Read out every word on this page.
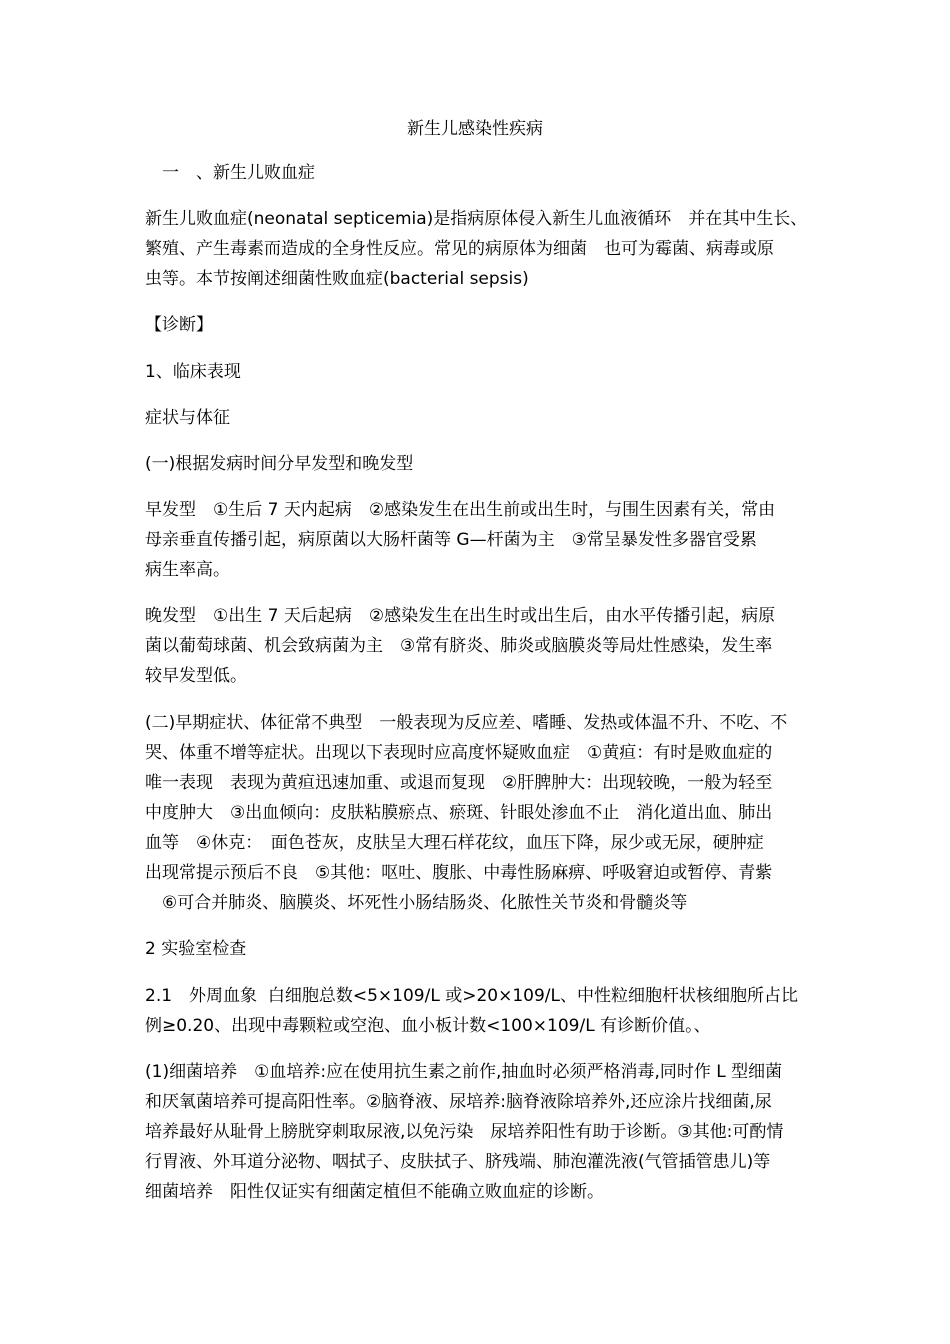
新生儿感染性疾病
一　、新生儿败血症
新生儿败血症(neonatal septicemia)是指病原体侵入新生儿血液循环　并在其中生长、
繁殖、产生毒素而造成的全身性反应。常见的病原体为细菌　也可为霉菌、病毒或原
虫等。本节按阐述细菌性败血症(bacterial sepsis)
【诊断】
1、临床表现
症状与体征
(一)根据发病时间分早发型和晚发型
早发型　①生后 7 天内起病　②感染发生在出生前或出生时，与围生因素有关，常由
母亲垂直传播引起，病原菌以大肠杆菌等 G—杆菌为主　③常呈暴发性多器官受累
病生率高。
晚发型　①出生 7 天后起病　②感染发生在出生时或出生后，由水平传播引起，病原
菌以葡萄球菌、机会致病菌为主　③常有脐炎、肺炎或脑膜炎等局灶性感染，发生率
较早发型低。
(二)早期症状、体征常不典型　一般表现为反应差、嗜睡、发热或体温不升、不吃、不
哭、体重不增等症状。出现以下表现时应高度怀疑败血症　①黄疸：有时是败血症的
唯一表现　表现为黄疸迅速加重、或退而复现　②肝脾肿大：出现较晚，一般为轻至
中度肿大　③出血倾向：皮肤粘膜瘀点、瘀斑、针眼处渗血不止　消化道出血、肺出
血等　④休克：　面色苍灰，皮肤呈大理石样花纹，血压下降，尿少或无尿，硬肿症
出现常提示预后不良　⑤其他：呕吐、腹胀、中毒性肠麻痹、呼吸窘迫或暂停、青紫
　⑥可合并肺炎、脑膜炎、坏死性小肠结肠炎、化脓性关节炎和骨髓炎等
2 实验室检查
2.1　外周血象  白细胞总数<5×109/L 或>20×109/L、中性粒细胞杆状核细胞所占比
例≥0.20、出现中毒颗粒或空泡、血小板计数<100×109/L 有诊断价值。、
(1)细菌培养　①血培养:应在使用抗生素之前作,抽血时必须严格消毒,同时作 L 型细菌
和厌氧菌培养可提高阳性率。②脑脊液、尿培养:脑脊液除培养外,还应涂片找细菌,尿
培养最好从耻骨上膀胱穿刺取尿液,以免污染　尿培养阳性有助于诊断。③其他:可酌情
行胃液、外耳道分泌物、咽拭子、皮肤拭子、脐残端、肺泡灌洗液(气管插管患儿)等
细菌培养　阳性仅证实有细菌定植但不能确立败血症的诊断。
